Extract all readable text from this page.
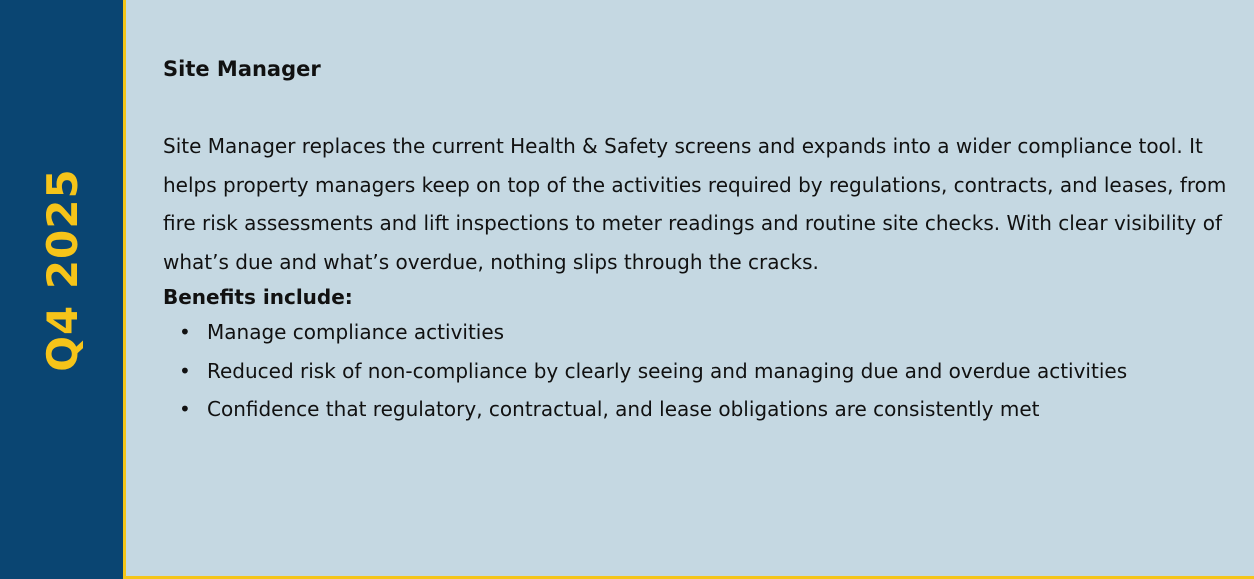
Q4 2025
Site Manager

Site Manager replaces the current Health & Safety screens and expands into a wider compliance tool. It helps property managers keep on top of the activities required by regulations, contracts, and leases, from fire risk assessments and lift inspections to meter readings and routine site checks. With clear visibility of what’s due and what’s overdue, nothing slips through the cracks.

Benefits include:

• Manage compliance activities
• Reduced risk of non-compliance by clearly seeing and managing due and overdue activities
• Confidence that regulatory, contractual, and lease obligations are consistently met
